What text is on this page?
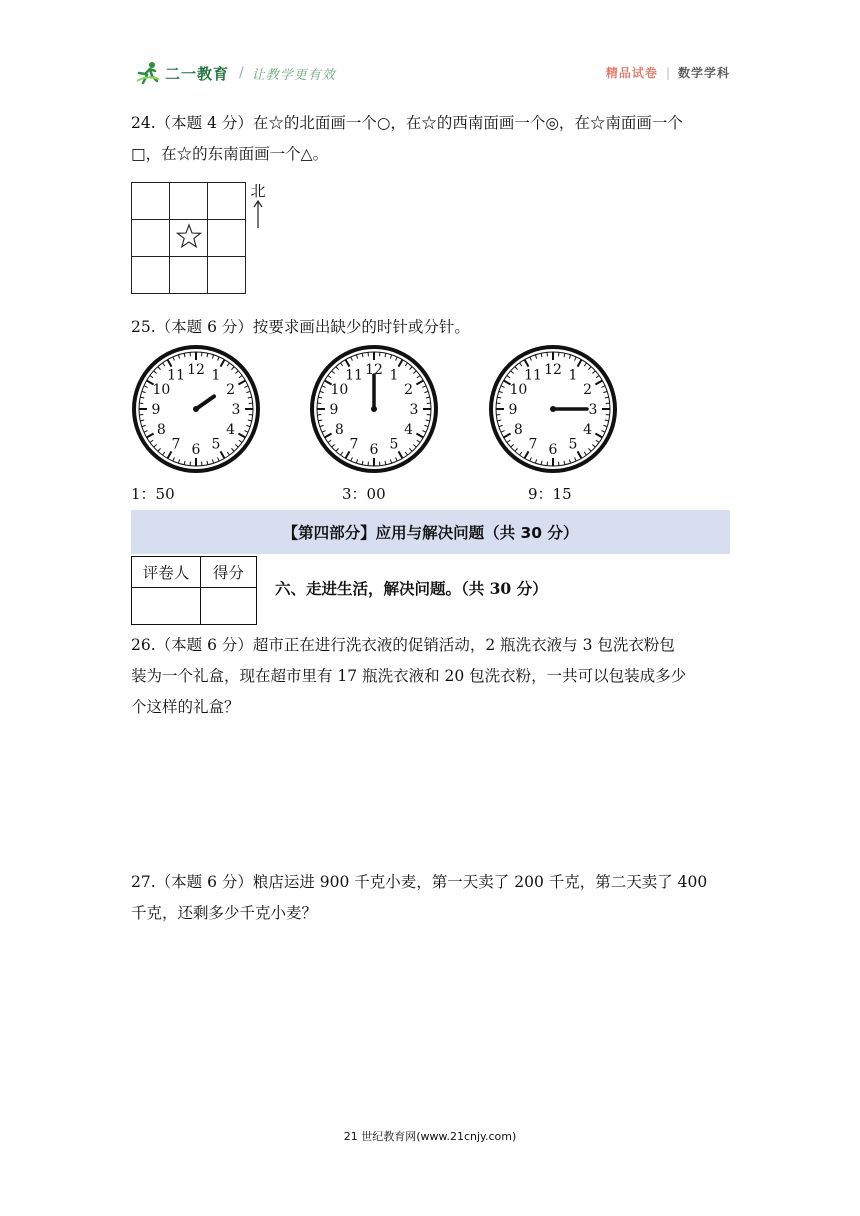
二一教育 / 让教学更有效	精品试卷 | 数学学科
24.（本题 4 分）在☆的北面画一个○，在☆的西南面画一个◎，在☆南面画一个
□，在☆的东南面画一个△。

北
25.（本题 6 分）按要求画出缺少的时针或分针。
1
2
3
4
5
6
7
8
9
10
11 12	1
2
3
4
5
6
7
8
9
10
11 12	1
2
3
4
5
6
7
8
9
10
11 12
1：50	3：00	9：15
【第四部分】应用与解决问题（共 30 分）
评卷人	得分

六、走进生活，解决问题。（共 30 分）
26.（本题 6 分）超市正在进行洗衣液的促销活动，2 瓶洗衣液与 3 包洗衣粉包
装为一个礼盒，现在超市里有 17 瓶洗衣液和 20 包洗衣粉，一共可以包装成多少
个这样的礼盒？
27.（本题 6 分）粮店运进 900 千克小麦，第一天卖了 200 千克，第二天卖了 400
千克，还剩多少千克小麦？
21 世纪教育网(www.21cnjy.com)
